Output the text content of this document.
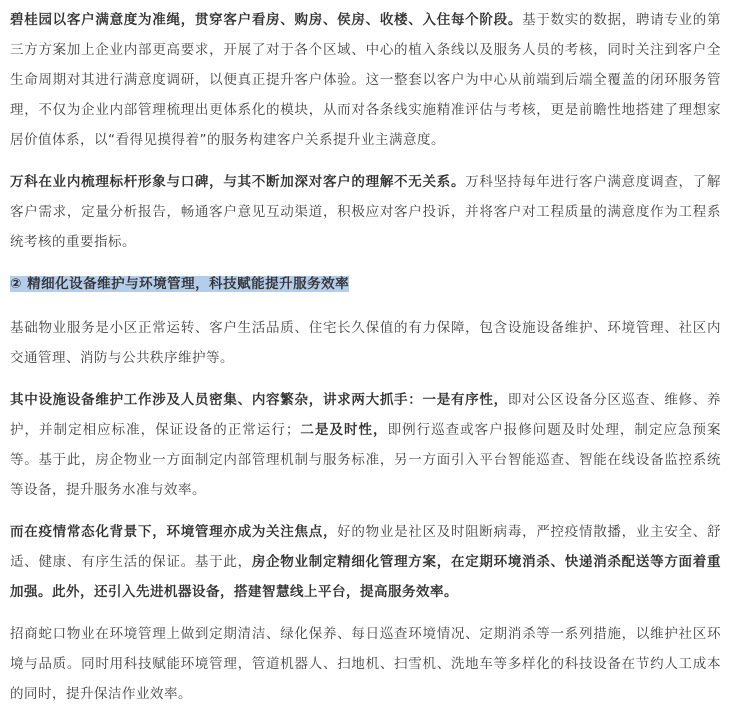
碧桂园以客户满意度为准绳，贯穿客户看房、购房、侯房、收楼、入住每个阶段。基于数实的数据，聘请专业的第三方方案加上企业内部更高要求，开展了对于各个区域、中心的植入条线以及服务人员的考核，同时关注到客户全生命周期对其进行满意度调研，以便真正提升客户体验。这一整套以客户为中心从前端到后端全覆盖的闭环服务管理，不仅为企业内部管理梳理出更体系化的模块，从而对各条线实施精准评估与考核，更是前瞻性地搭建了理想家居价值体系，以“看得见摸得着”的服务构建客户关系提升业主满意度。

万科在业内梳理标杆形象与口碑，与其不断加深对客户的理解不无关系。万科坚持每年进行客户满意度调查，了解客户需求，定量分析报告，畅通客户意见互动渠道，积极应对客户投诉，并将客户对工程质量的满意度作为工程系统考核的重要指标。

② 精细化设备维护与环境管理，科技赋能提升服务效率

基础物业服务是小区正常运转、客户生活品质、住宅长久保值的有力保障，包含设施设备维护、环境管理、社区内交通管理、消防与公共秩序维护等。

其中设施设备维护工作涉及人员密集、内容繁杂，讲求两大抓手：一是有序性，即对公区设备分区巡查、维修、养护，并制定相应标准，保证设备的正常运行；二是及时性，即例行巡查或客户报修问题及时处理，制定应急预案等。基于此，房企物业一方面制定内部管理机制与服务标准，另一方面引入平台智能巡查、智能在线设备监控系统等设备，提升服务水准与效率。

而在疫情常态化背景下，环境管理亦成为关注焦点，好的物业是社区及时阻断病毒，严控疫情散播，业主安全、舒适、健康、有序生活的保证。基于此，房企物业制定精细化管理方案，在定期环境消杀、快递消杀配送等方面着重加强。此外，还引入先进机器设备，搭建智慧线上平台，提高服务效率。

招商蛇口物业在环境管理上做到定期清洁、绿化保养、每日巡查环境情况、定期消杀等一系列措施，以维护社区环境与品质。同时用科技赋能环境管理，管道机器人、扫地机、扫雪机、洗地车等多样化的科技设备在节约人工成本的同时，提升保洁作业效率。
